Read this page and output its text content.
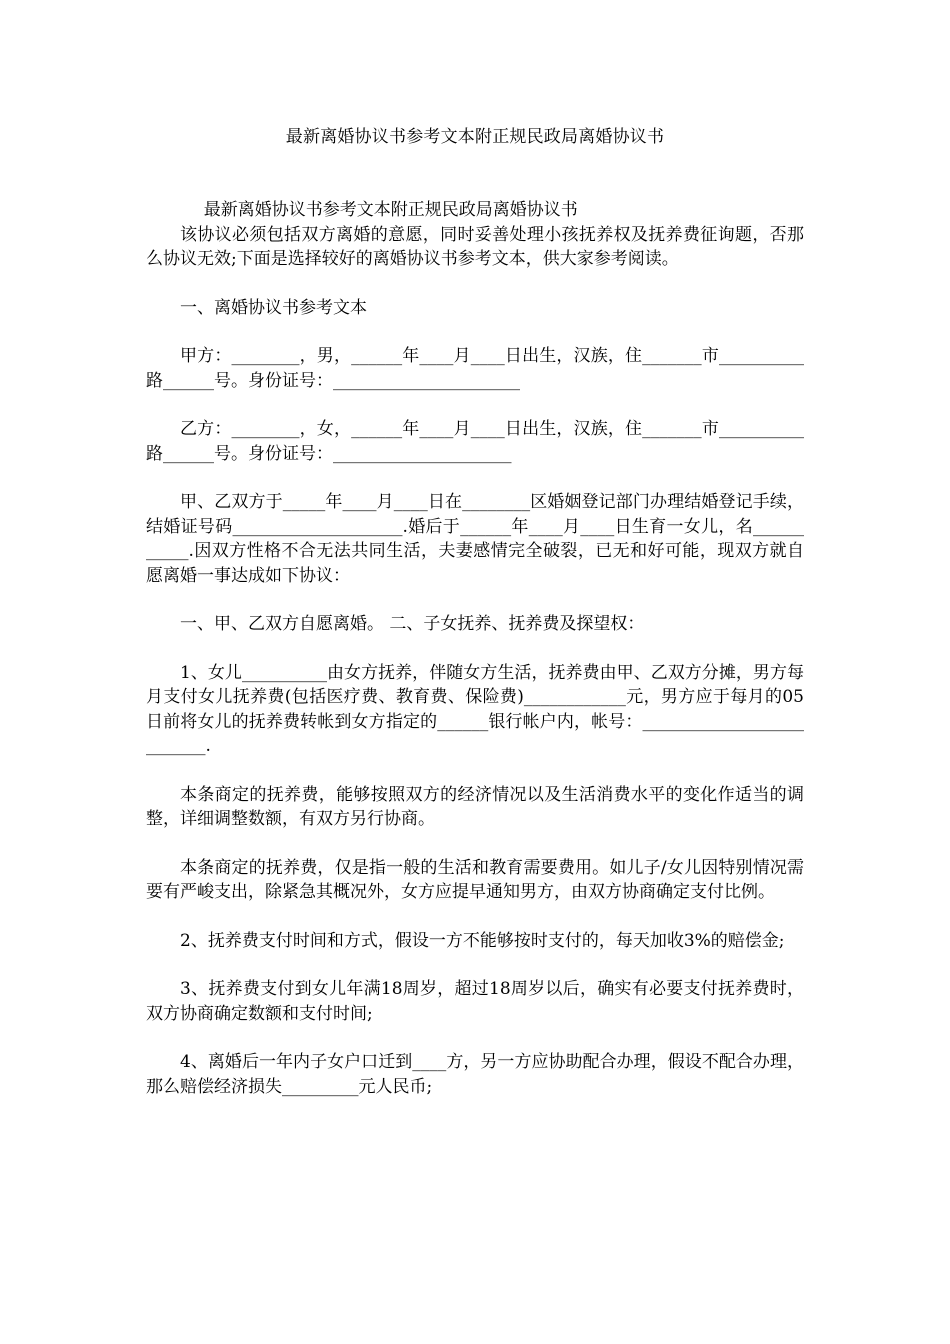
最新离婚协议书参考文本附正规民政局离婚协议书

最新离婚协议书参考文本附正规民政局离婚协议书

该协议必须包括双方离婚的意愿，同时妥善处理小孩抚养权及抚养费征询题，否那么协议无效;下面是选择较好的离婚协议书参考文本，供大家参考阅读。

一、离婚协议书参考文本

甲方：________，男，______年____月____日出生，汉族，住_______市__________路______号。身份证号：______________________

乙方：________，女，______年____月____日出生，汉族，住_______市__________路______号。身份证号：_____________________

甲、乙双方于_____年____月____日在________区婚姻登记部门办理结婚登记手续，结婚证号码____________________.婚后于______年____月____日生育一女儿，名___________.因双方性格不合无法共同生活，夫妻感情完全破裂，已无和好可能，现双方就自愿离婚一事达成如下协议：

一、甲、乙双方自愿离婚。 二、子女抚养、抚养费及探望权：

1、女儿__________由女方抚养，伴随女方生活，抚养费由甲、乙双方分摊，男方每月支付女儿抚养费(包括医疗费、教育费、保险费)____________元，男方应于每月的05日前将女儿的抚养费转帐到女方指定的______银行帐户内，帐号：__________________________.

本条商定的抚养费，能够按照双方的经济情况以及生活消费水平的变化作适当的调整，详细调整数额，有双方另行协商。

本条商定的抚养费，仅是指一般的生活和教育需要费用。如儿子/女儿因特别情况需要有严峻支出，除紧急其概况外，女方应提早通知男方，由双方协商确定支付比例。

2、抚养费支付时间和方式，假设一方不能够按时支付的，每天加收3%的赔偿金;

3、抚养费支付到女儿年满18周岁，超过18周岁以后，确实有必要支付抚养费时，双方协商确定数额和支付时间;

4、离婚后一年内子女户口迁到____方，另一方应协助配合办理，假设不配合办理，那么赔偿经济损失_________元人民币;
